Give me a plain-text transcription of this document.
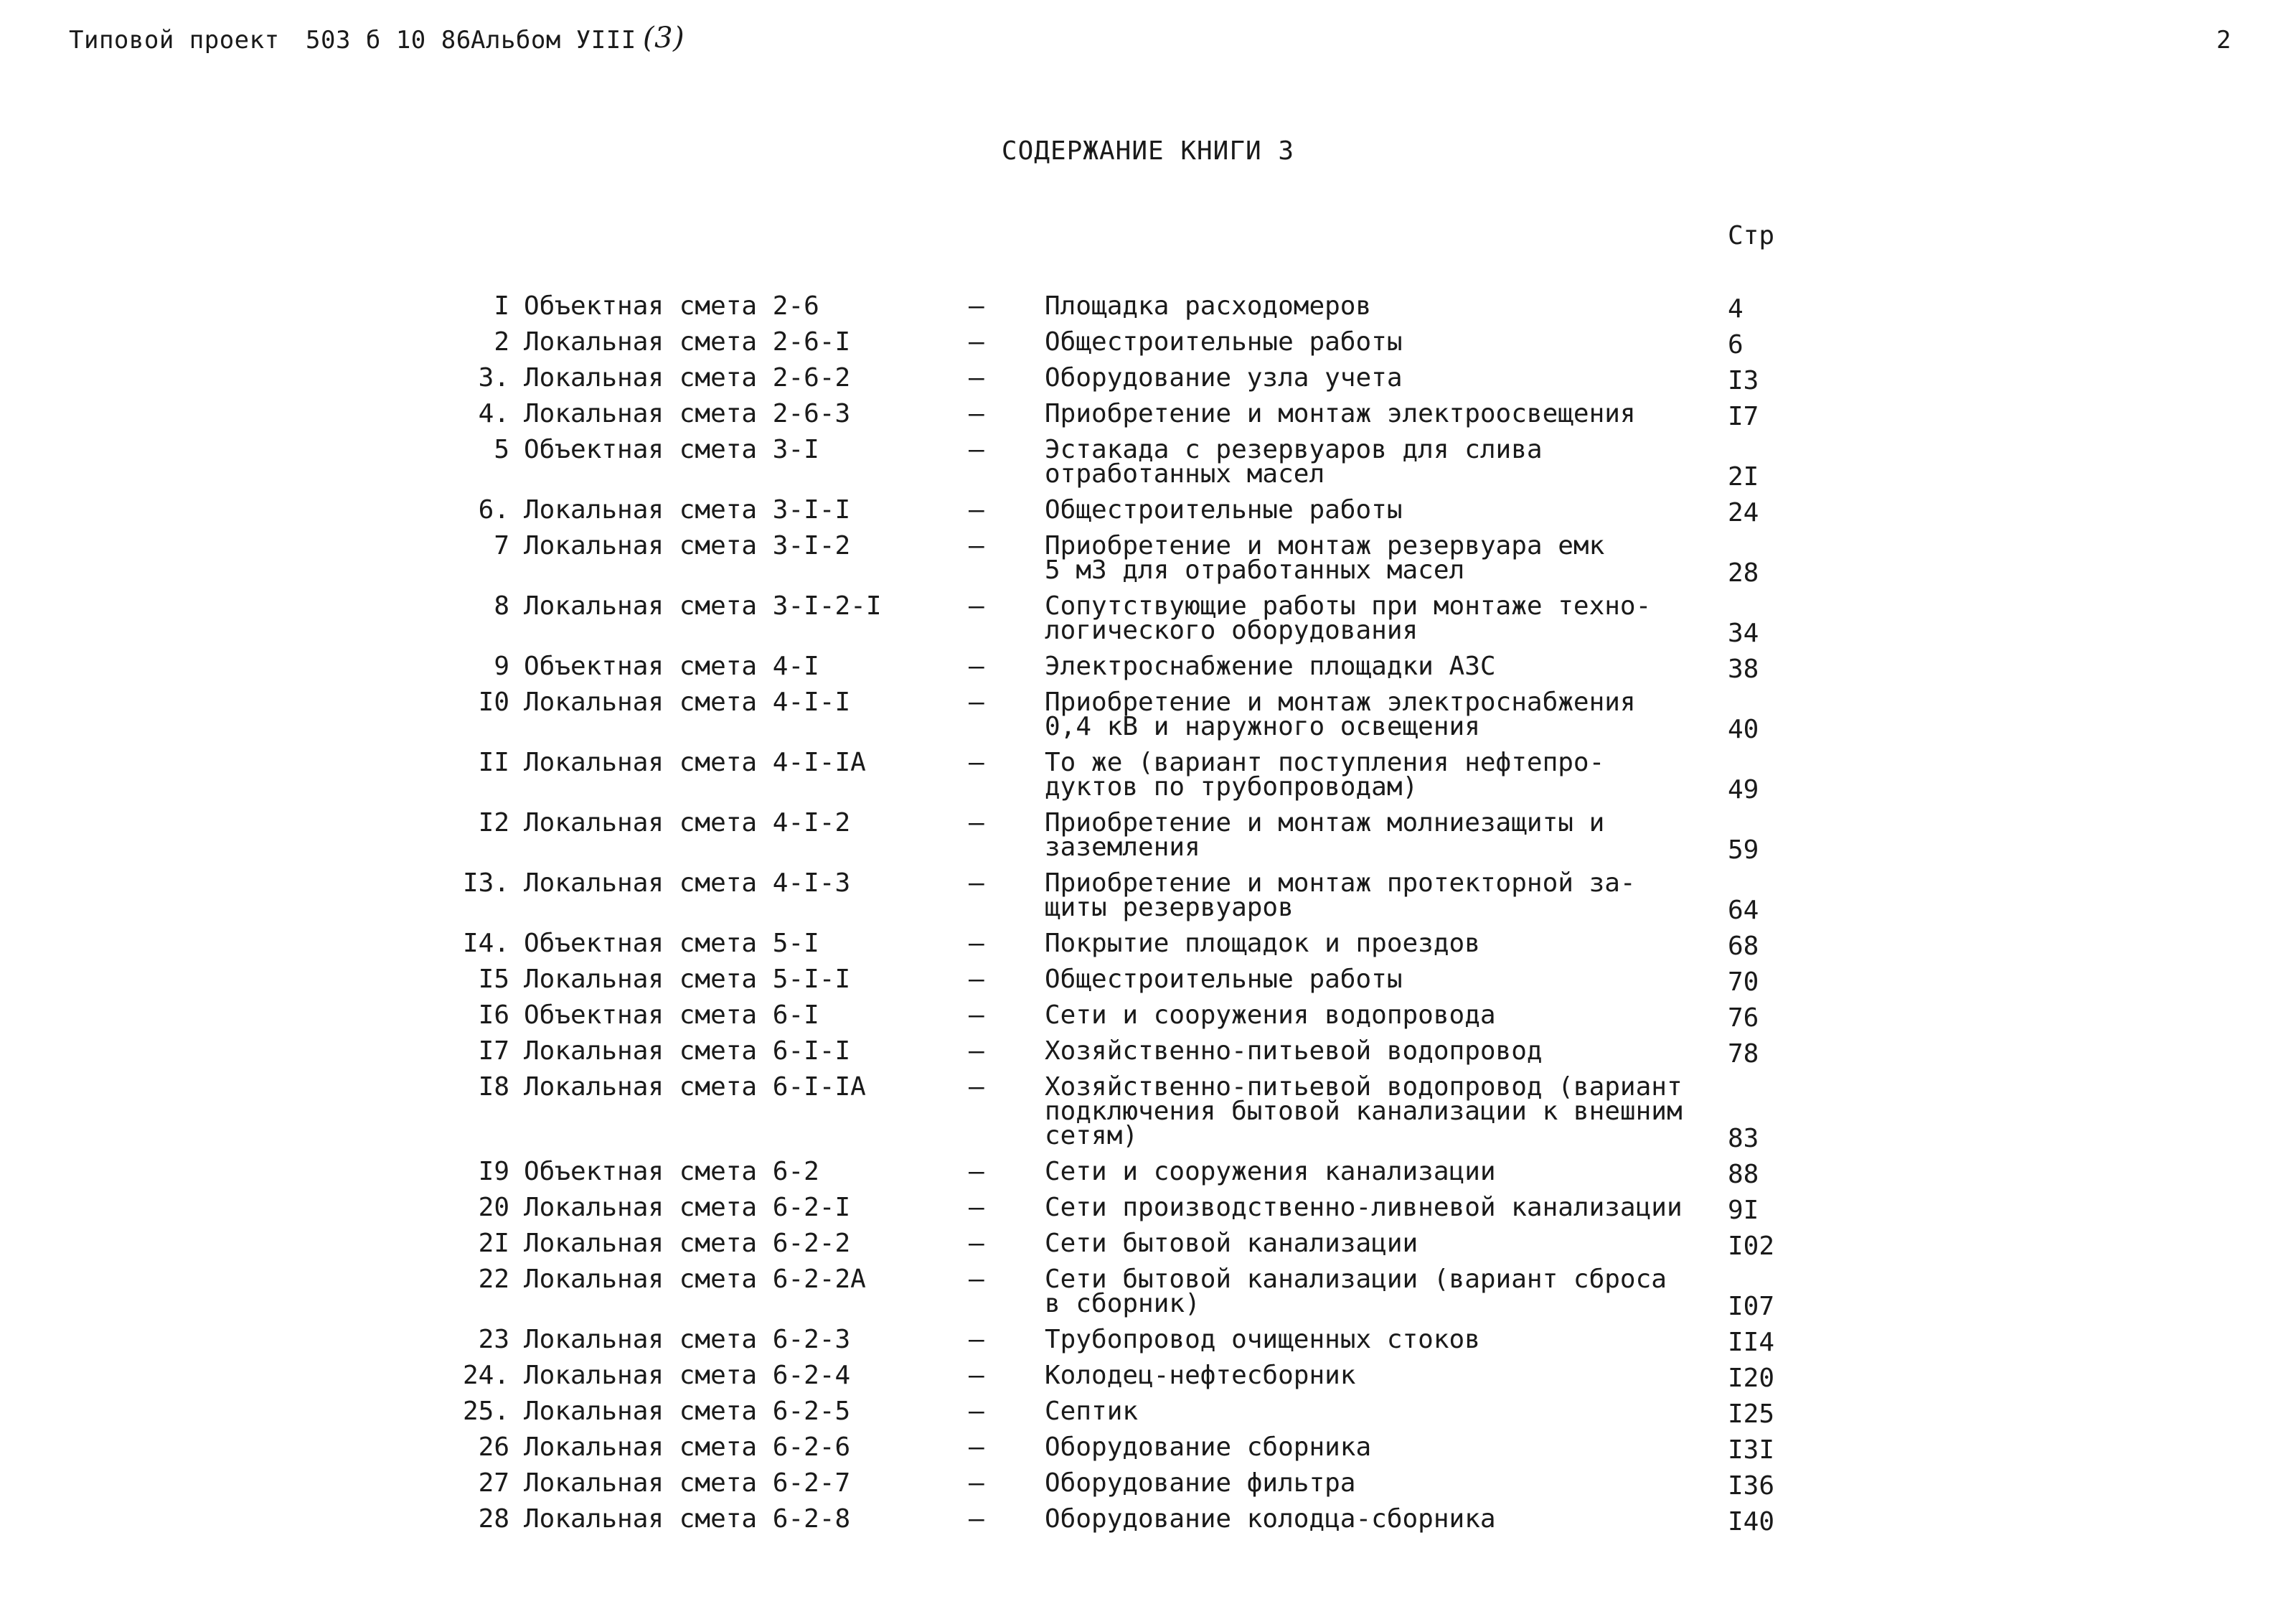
Типовой проект 503 б 10 86 Альбом УIII (3)	2
СОДЕРЖАНИЕ КНИГИ 3
Стр
I Объектная смета 2-6	– Площадка расходомеров	4
2 Локальная смета 2-6-I	– Общестроительные работы	6
3. Локальная смета 2-6-2	– Оборудование узла учета	I3
4. Локальная смета 2-6-3	– Приобретение и монтаж электроосвещения	I7
5 Объектная смета 3-I	– Эстакада с резервуаров для слива
отработанных масел	2I
6. Локальная смета 3-I-I	– Общестроительные работы	24
7 Локальная смета 3-I-2	– Приобретение и монтаж резервуара емк
5 м3 для отработанных масел	28
8 Локальная смета 3-I-2-I	– Сопутствующие работы при монтаже техно-
логического оборудования	34
9 Объектная смета 4-I	– Электроснабжение площадки АЗС	38
I0 Локальная смета 4-I-I	– Приобретение и монтаж электроснабжения
0,4 кВ и наружного освещения	40
II Локальная смета 4-I-IA	– То же (вариант поступления нефтепро-
дуктов по трубопроводам)	49
I2 Локальная смета 4-I-2	– Приобретение и монтаж молниезащиты и
заземления	59
I3. Локальная смета 4-I-3	– Приобретение и монтаж протекторной за-
щиты резервуаров	64
I4. Объектная смета 5-I	– Покрытие площадок и проездов	68
I5 Локальная смета 5-I-I	– Общестроительные работы	70
I6 Объектная смета 6-I	– Сети и сооружения водопровода	76
I7 Локальная смета 6-I-I	– Хозяйственно-питьевой водопровод	78
I8 Локальная смета 6-I-IA	– Хозяйственно-питьевой водопровод (вариант
подключения бытовой канализации к внешним
сетям)	83
I9 Объектная смета 6-2	– Сети и сооружения канализации	88
20 Локальная смета 6-2-I	– Сети производственно-ливневой канализации	9I
2I Локальная смета 6-2-2	– Сети бытовой канализации	I02
22 Локальная смета 6-2-2А	– Сети бытовой канализации (вариант сброса
в сборник)	I07
23 Локальная смета 6-2-3	– Трубопровод очищенных стоков	II4
24. Локальная смета 6-2-4	– Колодец-нефтесборник	I20
25. Локальная смета 6-2-5	– Септик	I25
26 Локальная смета 6-2-6	– Оборудование сборника	I3I
27 Локальная смета 6-2-7	– Оборудование фильтра	I36
28 Локальная смета 6-2-8	– Оборудование колодца-сборника	I40
